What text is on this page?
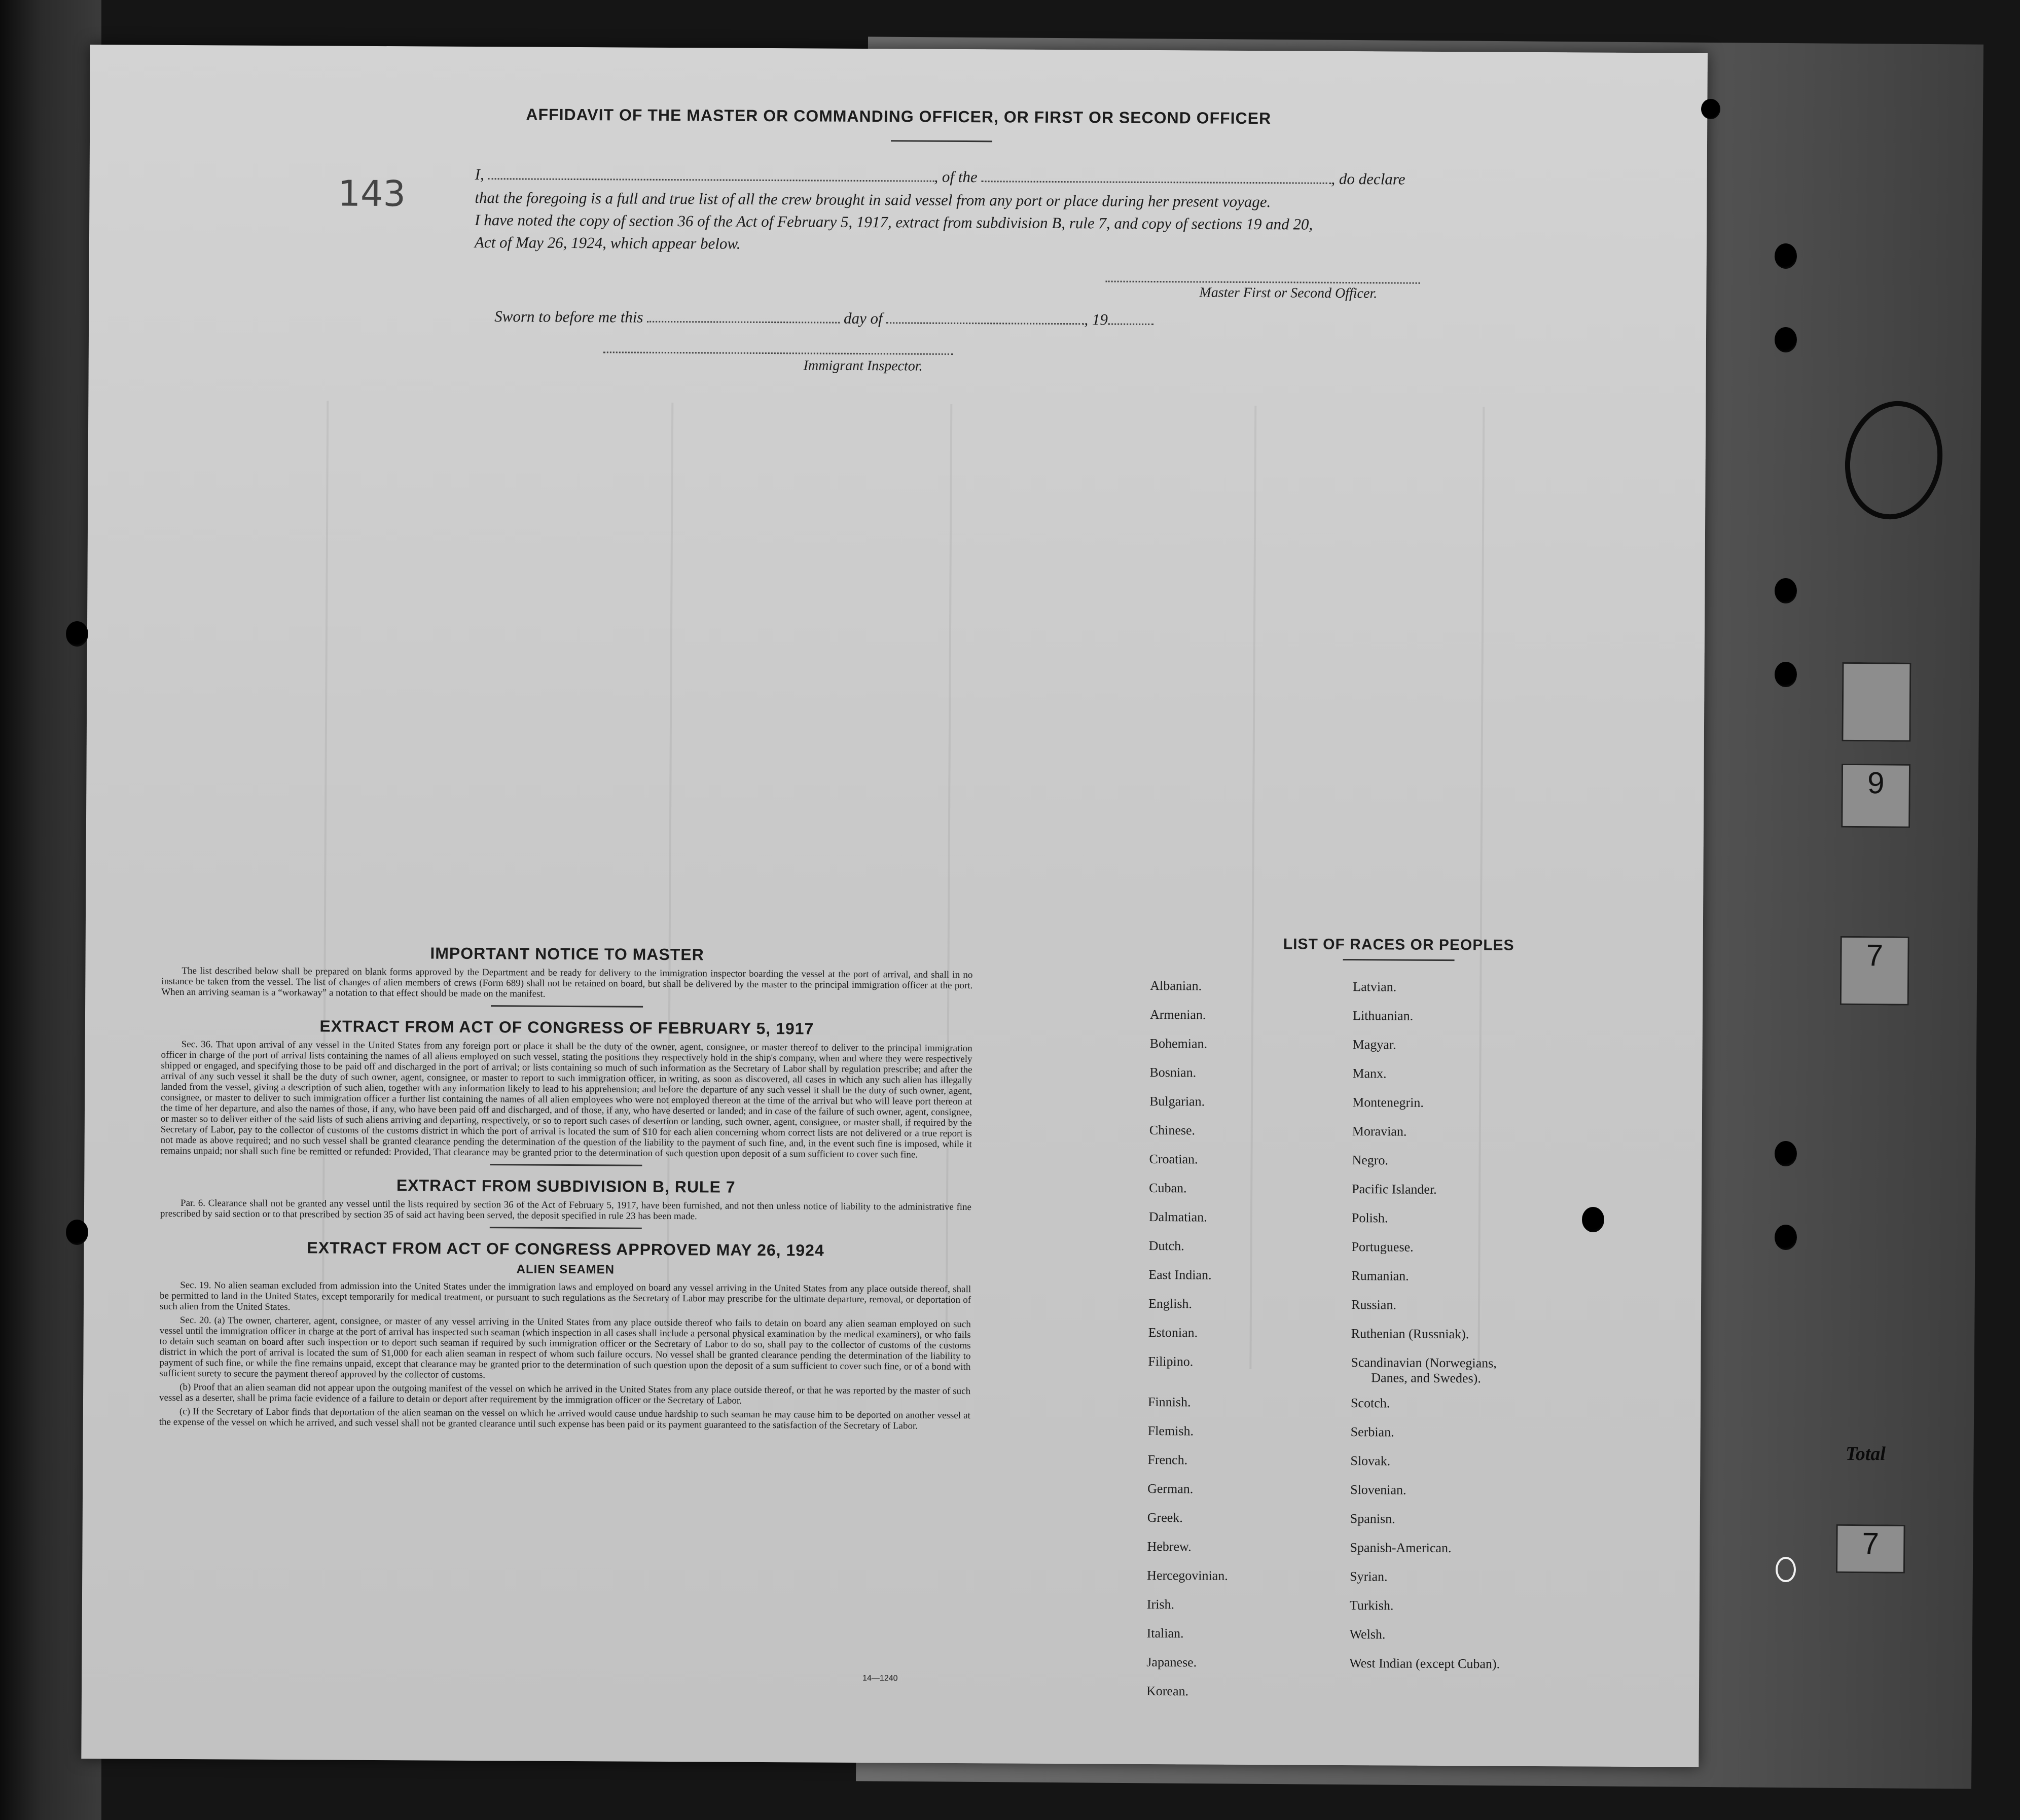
9
7
7
143
AFFIDAVIT OF THE MASTER OR COMMANDING OFFICER, OR FIRST OR SECOND OFFICER
I,	, of the	, do declare
that the foregoing is a full and true list of all the crew brought in said vessel from any port or place during her present voyage.
I have noted the copy of section 36 of the Act of February 5, 1917, extract from subdivision B, rule 7, and copy of sections 19 and 20,
Act of May 26, 1924, which appear below.
Master First or Second Officer.
Sworn to before me this	day of	, 19
Immigrant Inspector.
IMPORTANT NOTICE TO MASTER

The list described below shall be prepared on blank forms approved by the Department and be ready for delivery to the immigration inspector boarding the vessel at the port of arrival, and shall in no instance be taken from the vessel. The list of changes of alien members of crews (Form 689) shall not be retained on board, but shall be delivered by the master to the principal immigration officer at the port. When an arriving seaman is a “workaway” a notation to that effect should be made on the manifest.

EXTRACT FROM ACT OF CONGRESS OF FEBRUARY 5, 1917

Sec. 36. That upon arrival of any vessel in the United States from any foreign port or place it shall be the duty of the owner, agent, consignee, or master thereof to deliver to the principal immigration officer in charge of the port of arrival lists containing the names of all aliens employed on such vessel, stating the positions they respectively hold in the ship's company, when and where they were respectively shipped or engaged, and specifying those to be paid off and discharged in the port of arrival; or lists containing so much of such information as the Secretary of Labor shall by regulation prescribe; and after the arrival of any such vessel it shall be the duty of such owner, agent, consignee, or master to report to such immigration officer, in writing, as soon as discovered, all cases in which any such alien has illegally landed from the vessel, giving a description of such alien, together with any information likely to lead to his apprehension; and before the departure of any such vessel it shall be the duty of such owner, agent, consignee, or master to deliver to such immigration officer a further list containing the names of all alien employees who were not employed thereon at the time of the arrival but who will leave port thereon at the time of her departure, and also the names of those, if any, who have been paid off and discharged, and of those, if any, who have deserted or landed; and in case of the failure of such owner, agent, consignee, or master so to deliver either of the said lists of such aliens arriving and departing, respectively, or so to report such cases of desertion or landing, such owner, agent, consignee, or master shall, if required by the Secretary of Labor, pay to the collector of customs of the customs district in which the port of arrival is located the sum of $10 for each alien concerning whom correct lists are not delivered or a true report is not made as above required; and no such vessel shall be granted clearance pending the determination of the question of the liability to the payment of such fine, and, in the event such fine is imposed, while it remains unpaid; nor shall such fine be remitted or refunded: Provided, That clearance may be granted prior to the determination of such question upon deposit of a sum sufficient to cover such fine.

EXTRACT FROM SUBDIVISION B, RULE 7

Par. 6. Clearance shall not be granted any vessel until the lists required by section 36 of the Act of February 5, 1917, have been furnished, and not then unless notice of liability to the administrative fine prescribed by said section or to that prescribed by section 35 of said act having been served, the deposit specified in rule 23 has been made.

EXTRACT FROM ACT OF CONGRESS APPROVED MAY 26, 1924
ALIEN SEAMEN

Sec. 19. No alien seaman excluded from admission into the United States under the immigration laws and employed on board any vessel arriving in the United States from any place outside thereof, shall be permitted to land in the United States, except temporarily for medical treatment, or pursuant to such regulations as the Secretary of Labor may prescribe for the ultimate departure, removal, or deportation of such alien from the United States.

Sec. 20. (a) The owner, charterer, agent, consignee, or master of any vessel arriving in the United States from any place outside thereof who fails to detain on board any alien seaman employed on such vessel until the immigration officer in charge at the port of arrival has inspected such seaman (which inspection in all cases shall include a personal physical examination by the medical examiners), or who fails to detain such seaman on board after such inspection or to deport such seaman if required by such immigration officer or the Secretary of Labor to do so, shall pay to the collector of customs of the customs district in which the port of arrival is located the sum of $1,000 for each alien seaman in respect of whom such failure occurs. No vessel shall be granted clearance pending the determination of the liability to payment of such fine, or while the fine remains unpaid, except that clearance may be granted prior to the determination of such question upon the deposit of a sum sufficient to cover such fine, or of a bond with sufficient surety to secure the payment thereof approved by the collector of customs.

(b) Proof that an alien seaman did not appear upon the outgoing manifest of the vessel on which he arrived in the United States from any place outside thereof, or that he was reported by the master of such vessel as a deserter, shall be prima facie evidence of a failure to detain or deport after requirement by the immigration officer or the Secretary of Labor.

(c) If the Secretary of Labor finds that deportation of the alien seaman on the vessel on which he arrived would cause undue hardship to such seaman he may cause him to be deported on another vessel at the expense of the vessel on which he arrived, and such vessel shall not be granted clearance until such expense has been paid or its payment guaranteed to the satisfaction of the Secretary of Labor.

14—1240
LIST OF RACES OR PEOPLES
Albanian.
Armenian.
Bohemian.
Bosnian.
Bulgarian.
Chinese.
Croatian.
Cuban.
Dalmatian.
Dutch.
East Indian.
English.
Estonian.
Filipino.
Finnish.
Flemish.
French.
German.
Greek.
Hebrew.
Hercegovinian.
Irish.
Italian.
Japanese.
Korean.
Latvian.
Lithuanian.
Magyar.
Manx.
Montenegrin.
Moravian.
Negro.
Pacific Islander.
Polish.
Portuguese.
Rumanian.
Russian.
Ruthenian (Russniak).
Scandinavian (Norwegians,
Danes, and Swedes).
Scotch.
Serbian.
Slovak.
Slovenian.
Spanisn.
Spanish-American.
Syrian.
Turkish.
Welsh.
West Indian (except Cuban).
Total
